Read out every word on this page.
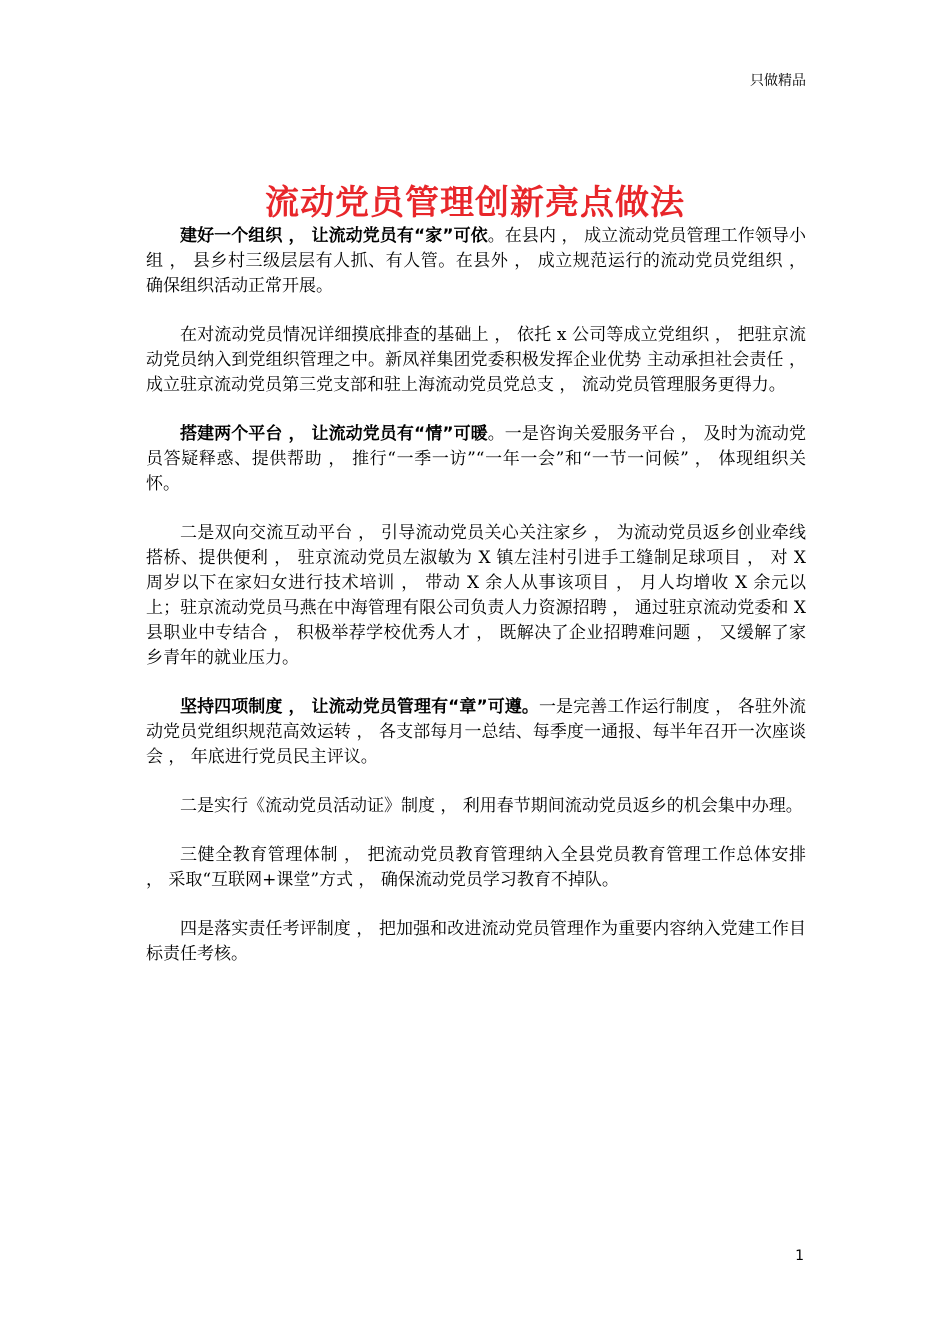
只做精品
流动党员管理创新亮点做法

建好一个组织 ， 让流动党员有“家”可依。在县内 ， 成立流动党员管理工作领导小组 ， 县乡村三级层层有人抓、有人管。在县外 ， 成立规范运行的流动党员党组织 ， 确保组织活动正常开展。

在对流动党员情况详细摸底排查的基础上 ， 依托 x 公司等成立党组织 ， 把驻京流动党员纳入到党组织管理之中。新凤祥集团党委积极发挥企业优势 主动承担社会责任 ， 成立驻京流动党员第三党支部和驻上海流动党员党总支 ， 流动党员管理服务更得力。

搭建两个平台 ， 让流动党员有“情”可暖。一是咨询关爱服务平台 ， 及时为流动党员答疑释惑、提供帮助 ， 推行“一季一访”“一年一会”和“一节一问候” ， 体现组织关怀。

二是双向交流互动平台 ， 引导流动党员关心关注家乡 ， 为流动党员返乡创业牵线搭桥、提供便利 ， 驻京流动党员左淑敏为 X 镇左洼村引进手工缝制足球项目 ， 对 X 周岁以下在家妇女进行技术培训 ， 带动 X 余人从事该项目 ， 月人均增收 X 余元以上；驻京流动党员马燕在中海管理有限公司负责人力资源招聘 ， 通过驻京流动党委和 X 县职业中专结合 ， 积极举荐学校优秀人才 ， 既解决了企业招聘难问题 ， 又缓解了家乡青年的就业压力。

坚持四项制度 ， 让流动党员管理有“章”可遵。一是完善工作运行制度 ， 各驻外流动党员党组织规范高效运转 ， 各支部每月一总结、每季度一通报、每半年召开一次座谈会 ， 年底进行党员民主评议。

二是实行《流动党员活动证》制度 ， 利用春节期间流动党员返乡的机会集中办理。

三健全教育管理体制 ， 把流动党员教育管理纳入全县党员教育管理工作总体安排 ， 采取“互联网+课堂”方式 ， 确保流动党员学习教育不掉队。

四是落实责任考评制度 ， 把加强和改进流动党员管理作为重要内容纳入党建工作目标责任考核。

1
